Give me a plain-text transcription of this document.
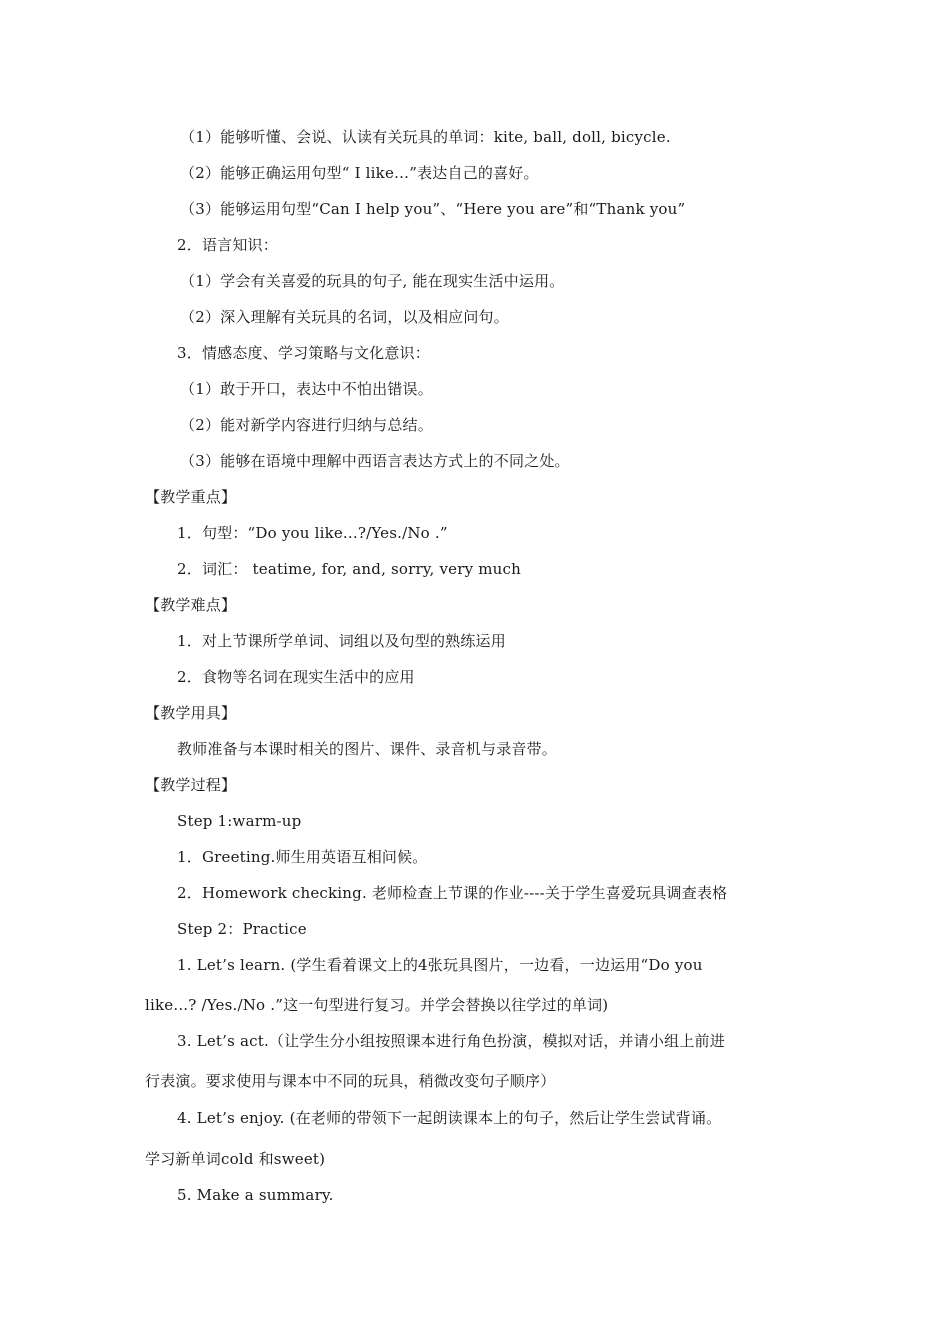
（1）能够听懂、会说、认读有关玩具的单词：kite, ball, doll, bicycle.
（2）能够正确运用句型“ I like…”表达自己的喜好。
（3）能够运用句型“Can I help you”、“Here you are”和“Thank you”
2．语言知识：
（1）学会有关喜爱的玩具的句子, 能在现实生活中运用。
（2）深入理解有关玩具的名词，以及相应问句。
3．情感态度、学习策略与文化意识：
（1）敢于开口，表达中不怕出错误。
（2）能对新学内容进行归纳与总结。
（3）能够在语境中理解中西语言表达方式上的不同之处。
【教学重点】
1．句型：“Do you like...?/Yes./No .”
2．词汇： teatime, for, and, sorry, very much
【教学难点】
1．对上节课所学单词、词组以及句型的熟练运用
2．食物等名词在现实生活中的应用
【教学用具】
教师准备与本课时相关的图片、课件、录音机与录音带。
【教学过程】
Step 1:warm-up
1．Greeting.师生用英语互相问候。
2．Homework checking. 老师检查上节课的作业----关于学生喜爱玩具调查表格
Step 2：Practice
1. Let’s learn. (学生看着课文上的4张玩具图片，一边看，一边运用“Do you
like...? /Yes./No .”这一句型进行复习。并学会替换以往学过的单词)
3. Let’s act.（让学生分小组按照课本进行角色扮演，模拟对话，并请小组上前进
行表演。要求使用与课本中不同的玩具，稍微改变句子顺序）
4. Let’s enjoy. (在老师的带领下一起朗读课本上的句子，然后让学生尝试背诵。
学习新单词cold 和sweet)
5. Make a summary.
